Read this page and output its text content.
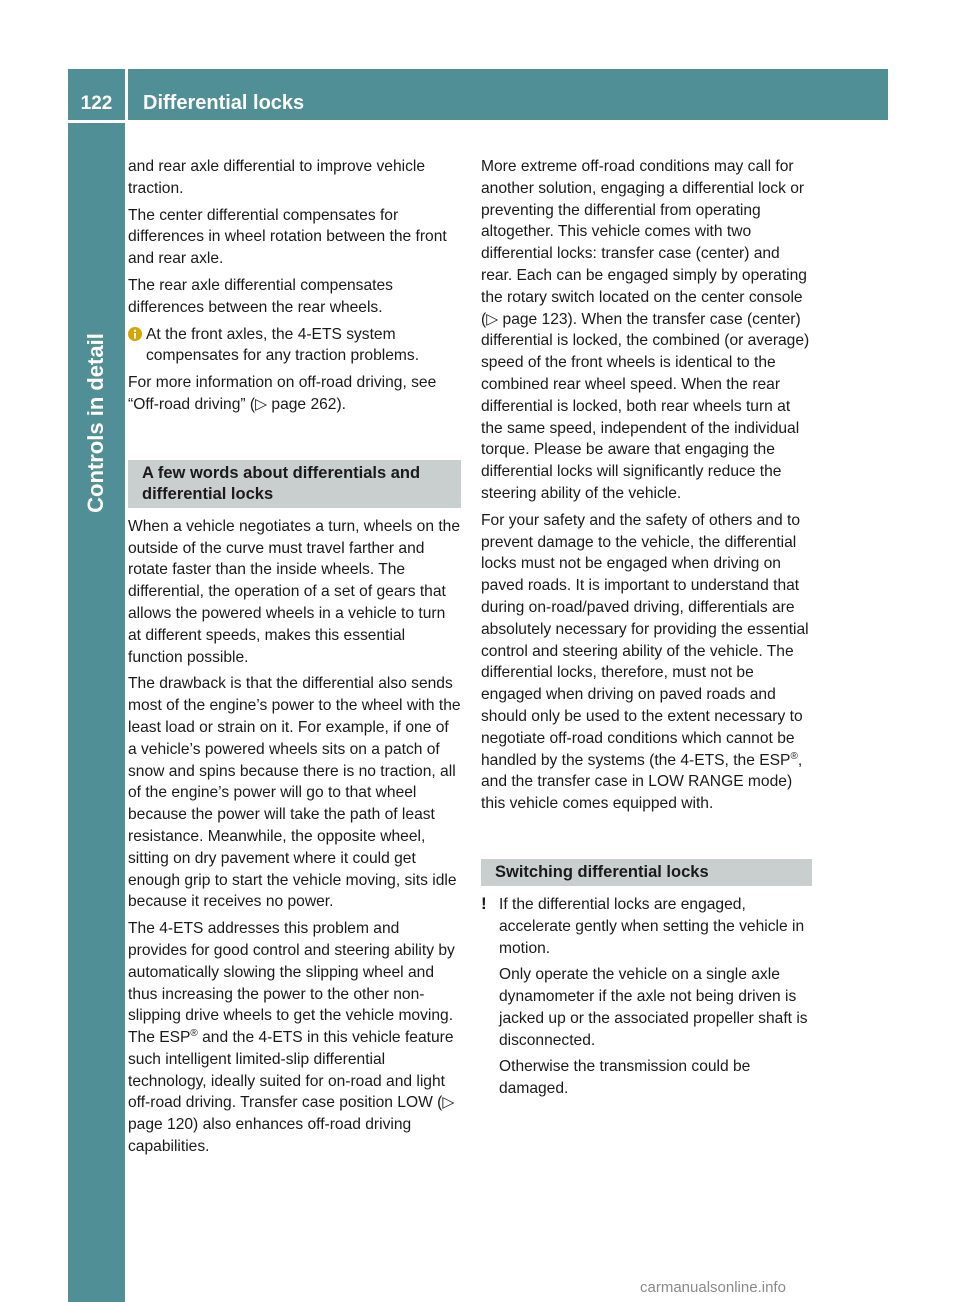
122	Differential locks
Controls in detail

and rear axle differential to improve vehicle traction.

The center differential compensates for differences in wheel rotation between the front and rear axle.

The rear axle differential compensates differences between the rear wheels.

At the front axles, the 4-ETS system compensates for any traction problems.

For more information on off-road driving, see “Off-road driving” (▷ page 262).

A few words about differentials and differential locks

When a vehicle negotiates a turn, wheels on the outside of the curve must travel farther and rotate faster than the inside wheels. The differential, the operation of a set of gears that allows the powered wheels in a vehicle to turn at different speeds, makes this essential function possible.

The drawback is that the differential also sends most of the engine’s power to the wheel with the least load or strain on it. For example, if one of a vehicle’s powered wheels sits on a patch of snow and spins because there is no traction, all of the engine’s power will go to that wheel because the power will take the path of least resistance. Meanwhile, the opposite wheel, sitting on dry pavement where it could get enough grip to start the vehicle moving, sits idle because it receives no power.

The 4-ETS addresses this problem and provides for good control and steering ability by automatically slowing the slipping wheel and thus increasing the power to the other non-slipping drive wheels to get the vehicle moving. The ESP® and the 4-ETS in this vehicle feature such intelligent limited-slip differential technology, ideally suited for on-road and light off-road driving. Transfer case position LOW (▷ page 120) also enhances off-road driving capabilities.

More extreme off-road conditions may call for another solution, engaging a differential lock or preventing the differential from operating altogether. This vehicle comes with two differential locks: transfer case (center) and rear. Each can be engaged simply by operating the rotary switch located on the center console (▷ page 123). When the transfer case (center) differential is locked, the combined (or average) speed of the front wheels is identical to the combined rear wheel speed. When the rear differential is locked, both rear wheels turn at the same speed, independent of the individual torque. Please be aware that engaging the differential locks will significantly reduce the steering ability of the vehicle.

For your safety and the safety of others and to prevent damage to the vehicle, the differential locks must not be engaged when driving on paved roads. It is important to understand that during on-road/paved driving, differentials are absolutely necessary for providing the essential control and steering ability of the vehicle. The differential locks, therefore, must not be engaged when driving on paved roads and should only be used to the extent necessary to negotiate off-road conditions which cannot be handled by the systems (the 4-ETS, the ESP®, and the transfer case in LOW RANGE mode) this vehicle comes equipped with.

Switching differential locks
! If the differential locks are engaged, accelerate gently when setting the vehicle in motion.

Only operate the vehicle on a single axle dynamometer if the axle not being driven is jacked up or the associated propeller shaft is disconnected.

Otherwise the transmission could be damaged.

carmanualsonline.info
